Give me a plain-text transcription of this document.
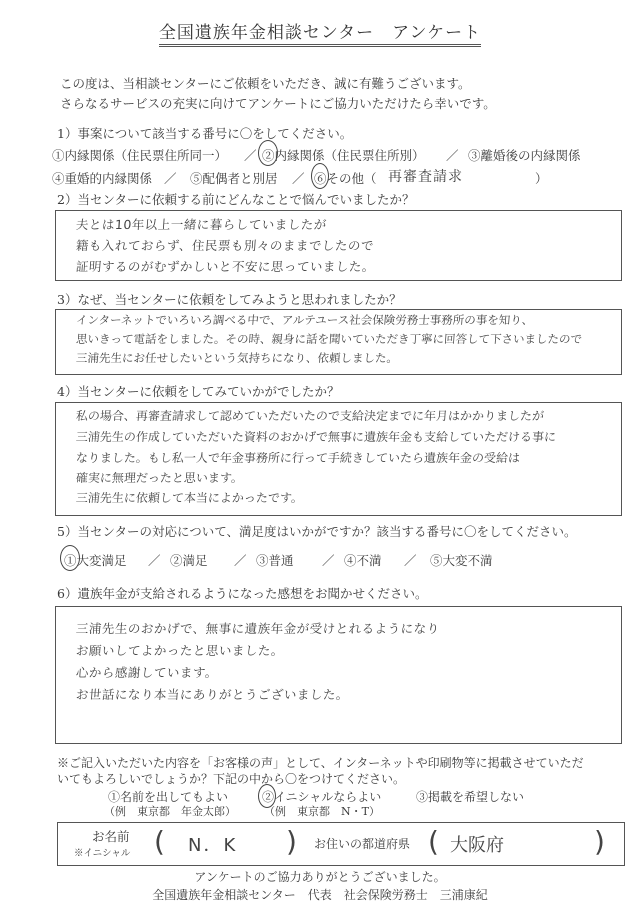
全国遺族年金相談センター　アンケート
この度は、当相談センターにご依頼をいただき、誠に有難うございます。
さらなるサービスの充実に向けてアンケートにご協力いただけたら幸いです。
1）事案について該当する番号に〇をしてください。
①内縁関係（住民票住所同一） ／ ②内縁関係（住民票住所別） ／ ③離婚後の内縁関係
④重婚的内縁関係 ／ ⑤配偶者と別居 ／ ⑥その他（ 再審査請求	）
2）当センターに依頼する前にどんなことで悩んでいましたか？
夫とは10年以上一緒に暮らしていましたが
籍も入れておらず、住民票も別々のままでしたので
証明するのがむずかしいと不安に思っていました。
3）なぜ、当センターに依頼をしてみようと思われましたか？
インターネットでいろいろ調べる中で、アルテユース社会保険労務士事務所の事を知り、
思いきって電話をしました。その時、親身に話を聞いていただき丁寧に回答して下さいましたので
三浦先生にお任せしたいという気持ちになり、依頼しました。
4）当センターに依頼をしてみていかがでしたか？
私の場合、再審査請求して認めていただいたので支給決定までに年月はかかりましたが
三浦先生の作成していただいた資料のおかげで無事に遺族年金も支給していただける事に
なりました。もし私一人で年金事務所に行って手続きしていたら遺族年金の受給は
確実に無理だったと思います。
三浦先生に依頼して本当によかったです。
5）当センターの対応について、満足度はいかがですか？該当する番号に〇をしてください。
①大変満足 ／ ②満足 ／ ③普通 ／ ④不満 ／ ⑤大変不満
6）遺族年金が支給されるようになった感想をお聞かせください。
三浦先生のおかげで、無事に遺族年金が受けとれるようになり
お願いしてよかったと思いました。
心から感謝しています。
お世話になり本当にありがとうございました。
※ご記入いただいた内容を「お客様の声」として、インターネットや印刷物等に掲載させていただ
いてもよろしいでしょうか？下記の中から〇をつけてください。
①名前を出してもよい
（例　東京都　年金太郎）
②イニシャルならよい
（例　東京都　N・T）
③掲載を希望しない
お名前
※イニシャル ( N．K ) お住いの都道府県 ( 大阪府	)
アンケートのご協力ありがとうございました。
全国遺族年金相談センター　代表　社会保険労務士　三浦康紀
